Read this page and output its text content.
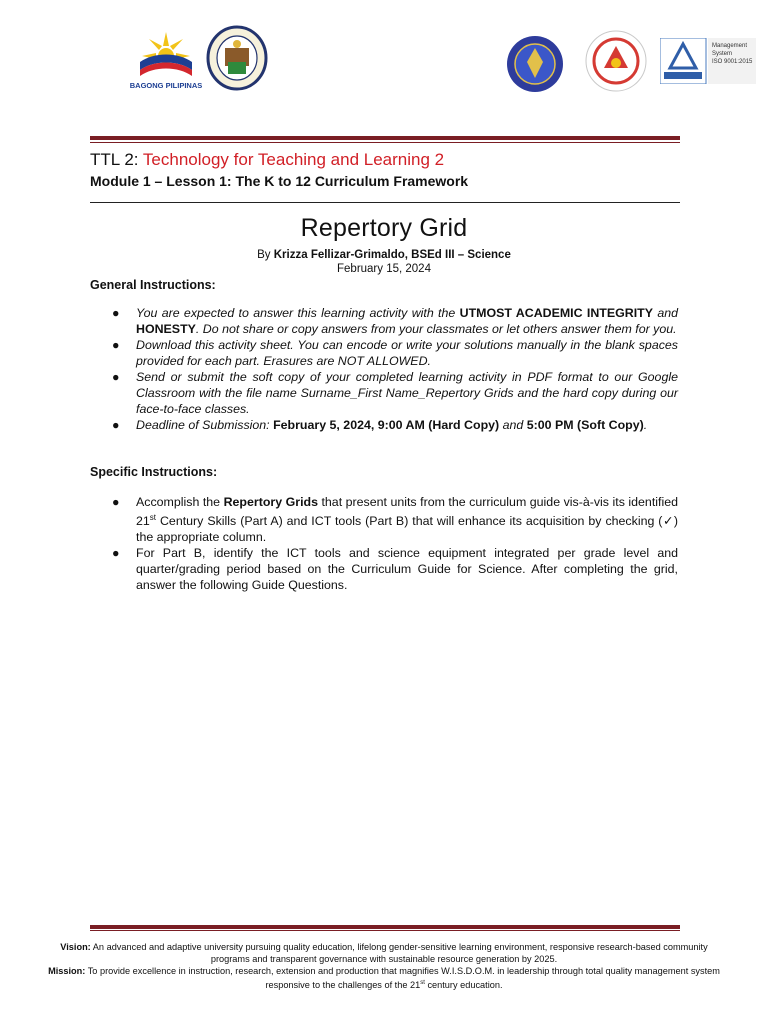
BAGONG PILIPINAS
Management
System
ISO 9001:2015
TTL 2: Technology for Teaching and Learning 2
Module 1 – Lesson 1: The K to 12 Curriculum Framework
Repertory Grid
By Krizza Fellizar-Grimaldo, BSEd III – Science
February 15, 2024
General Instructions:
● You are expected to answer this learning activity with the UTMOST ACADEMIC INTEGRITY and HONESTY. Do not share or copy answers from your classmates or let others answer them for you.
● Download this activity sheet. You can encode or write your solutions manually in the blank spaces provided for each part. Erasures are NOT ALLOWED.
● Send or submit the soft copy of your completed learning activity in PDF format to our Google Classroom with the file name Surname_First Name_Repertory Grids and the hard copy during our face-to-face classes.
● Deadline of Submission: February 5, 2024, 9:00 AM (Hard Copy) and 5:00 PM (Soft Copy).
Specific Instructions:
● Accomplish the Repertory Grids that present units from the curriculum guide vis-à-vis its identified 21st Century Skills (Part A) and ICT tools (Part B) that will enhance its acquisition by checking (✓) the appropriate column.
● For Part B, identify the ICT tools and science equipment integrated per grade level and quarter/grading period based on the Curriculum Guide for Science. After completing the grid, answer the following Guide Questions.
Vision: An advanced and adaptive university pursuing quality education, lifelong gender-sensitive learning environment, responsive research-based community programs and transparent governance with sustainable resource generation by 2025.
Mission: To provide excellence in instruction, research, extension and production that magnifies W.I.S.D.O.M. in leadership through total quality management system responsive to the challenges of the 21st century education.
